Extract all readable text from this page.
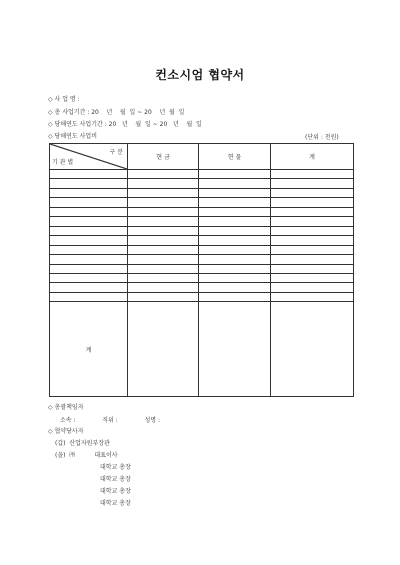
컨소시엄 협약서
◇ 사 업 명 :
◇ 총 사업기간 : 20    년    월  일 ~ 20    년  월  일
◇ 당해연도 사업기간 : 20   년    월  일 ~ 20   년    월  일
◇ 당해연도 사업비	(단위 : 천원)
구 분
기 관 별	현 금	현 물	계

계			
◇ 총괄책임자
소속 :              직위 :              성명 :
◇ 협약당사자
(갑)  산업자원부장관
(을)  ㈜          대표이사
대학교 총장
대학교 총장
대학교 총장
대학교 총장
